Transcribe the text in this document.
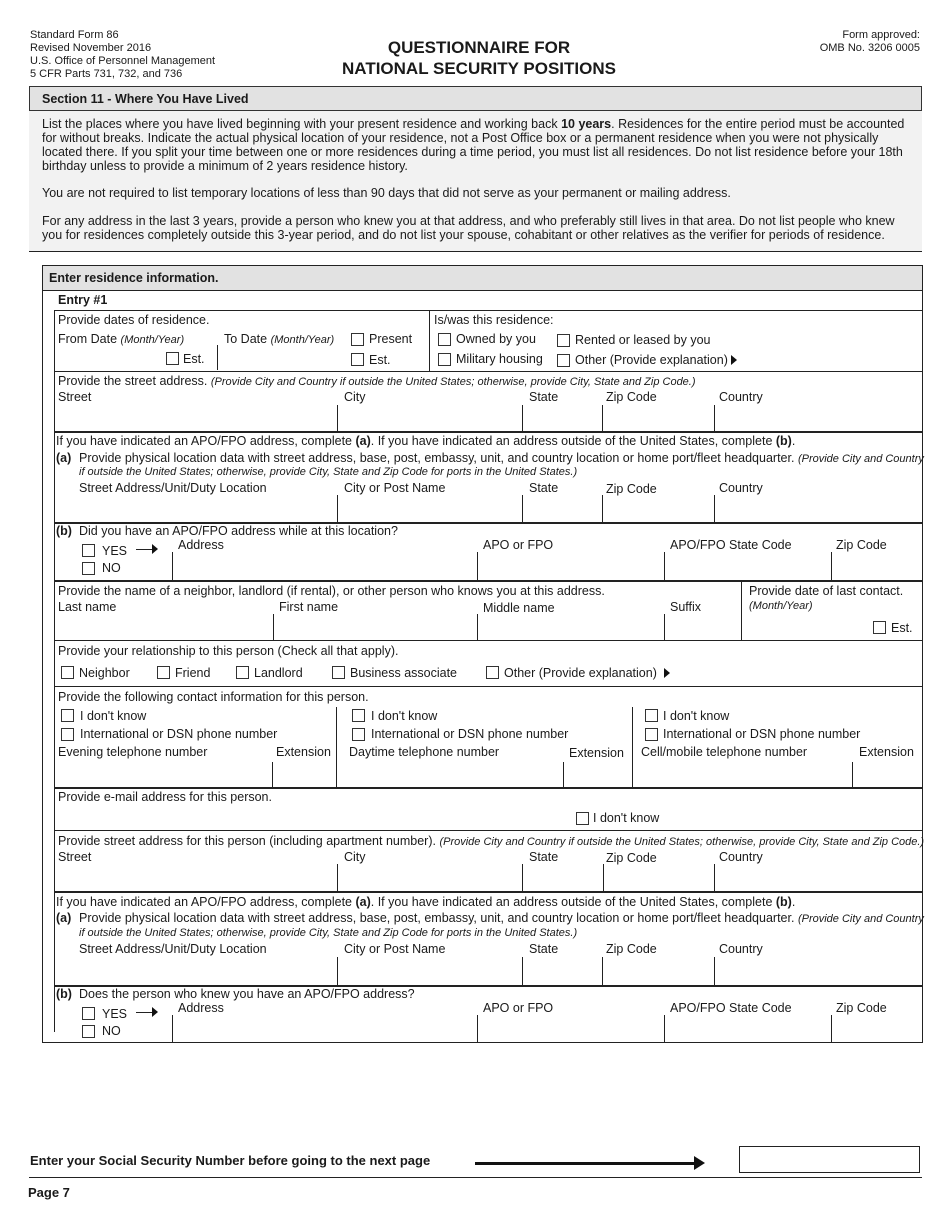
Standard Form 86
Revised November 2016
U.S. Office of Personnel Management
5 CFR Parts 731, 732, and 736
QUESTIONNAIRE FOR
NATIONAL SECURITY POSITIONS
Form approved:
OMB No. 3206 0005
Section 11 - Where You Have Lived
List the places where you have lived beginning with your present residence and working back 10 years. Residences for the entire period must be accounted for without breaks. Indicate the actual physical location of your residence, not a Post Office box or a permanent residence when you were not physically located there. If you split your time between one or more residences during a time period, you must list all residences. Do not list residence before your 18th birthday unless to provide a minimum of 2 years residence history.
You are not required to list temporary locations of less than 90 days that did not serve as your permanent or mailing address.
For any address in the last 3 years, provide a person who knew you at that address, and who preferably still lives in that area. Do not list people who knew you for residences completely outside this 3-year period, and do not list your spouse, cohabitant or other relatives as the verifier for periods of residence.
Enter residence information.
Entry #1
Provide dates of residence.
From Date (Month/Year)	To Date (Month/Year)
Est.
Present
Est.
Is/was this residence:
Owned by you	Rented or leased by you
Military housing	Other (Provide explanation)
Provide the street address. (Provide City and Country if outside the United States; otherwise, provide City, State and Zip Code.)
Street	City	State	Zip Code	Country
If you have indicated an APO/FPO address, complete (a). If you have indicated an address outside of the United States, complete (b).
(a) Provide physical location data with street address, base, post, embassy, unit, and country location or home port/fleet headquarter. (Provide City and Country
if outside the United States; otherwise, provide City, State and Zip Code for ports in the United States.)
Street Address/Unit/Duty Location	City or Post Name	State	Zip Code	Country
(b) Did you have an APO/FPO address while at this location?
YES
NO
Address	APO or FPO	APO/FPO State Code	Zip Code
Provide the name of a neighbor, landlord (if rental), or other person who knows you at this address.
Last name	First name	Middle name	Suffix
Provide date of last contact.
(Month/Year)
Est.
Provide your relationship to this person (Check all that apply).
Neighbor	Friend	Landlord	Business associate	Other (Provide explanation)
Provide the following contact information for this person.
I don't know
International or DSN phone number
Evening telephone number	Extension
I don't know
International or DSN phone number
Daytime telephone number	Extension
I don't know
International or DSN phone number
Cell/mobile telephone number	Extension
Provide e-mail address for this person.
I don't know
Provide street address for this person (including apartment number). (Provide City and Country if outside the United States; otherwise, provide City, State and Zip Code.)
Street	City	State	Zip Code	Country
If you have indicated an APO/FPO address, complete (a). If you have indicated an address outside of the United States, complete (b).
(a) Provide physical location data with street address, base, post, embassy, unit, and country location or home port/fleet headquarter. (Provide City and Country
if outside the United States; otherwise, provide City, State and Zip Code for ports in the United States.)
Street Address/Unit/Duty Location	City or Post Name	State	Zip Code	Country
(b) Does the person who knew you have an APO/FPO address?
YES
NO
Address	APO or FPO	APO/FPO State Code	Zip Code
Enter your Social Security Number before going to the next page
Page 7
